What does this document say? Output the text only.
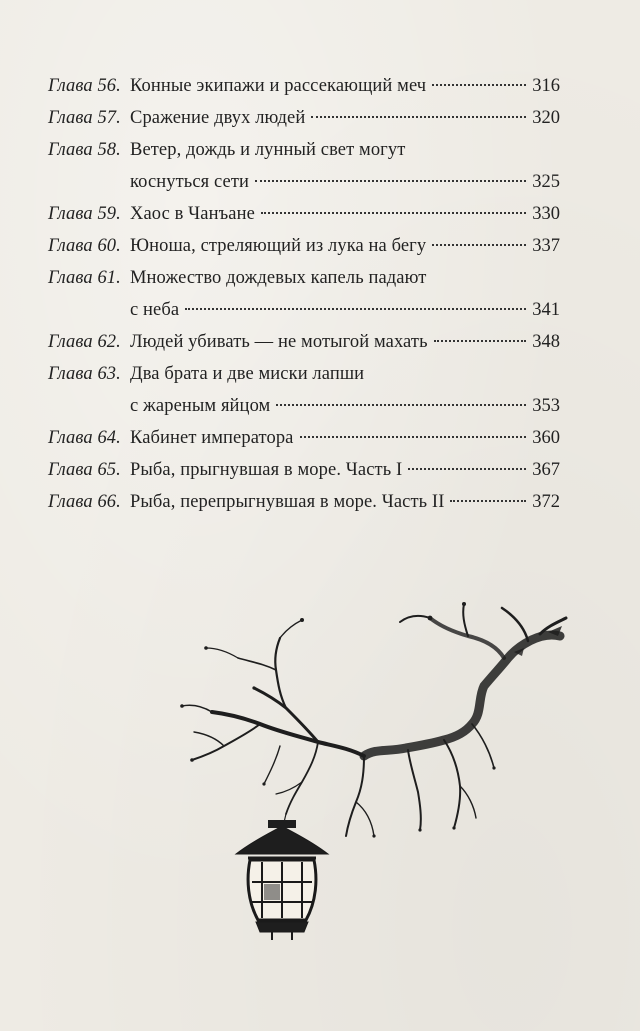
Глава 56. Конные экипажи и рассекающий меч	316
Глава 57. Сражение двух людей	320
Глава 58. Ветер, дождь и лунный свет могут
коснуться сети	325
Глава 59. Хаос в Чанъане	330
Глава 60. Юноша, стреляющий из лука на бегу	337
Глава 61. Множество дождевых капель падают
с неба	341
Глава 62. Людей убивать — не мотыгой махать	348
Глава 63. Два брата и две миски лапши
с жареным яйцом	353
Глава 64. Кабинет императора	360
Глава 65. Рыба, прыгнувшая в море. Часть I	367
Глава 66. Рыба, перепрыгнувшая в море. Часть II	372
